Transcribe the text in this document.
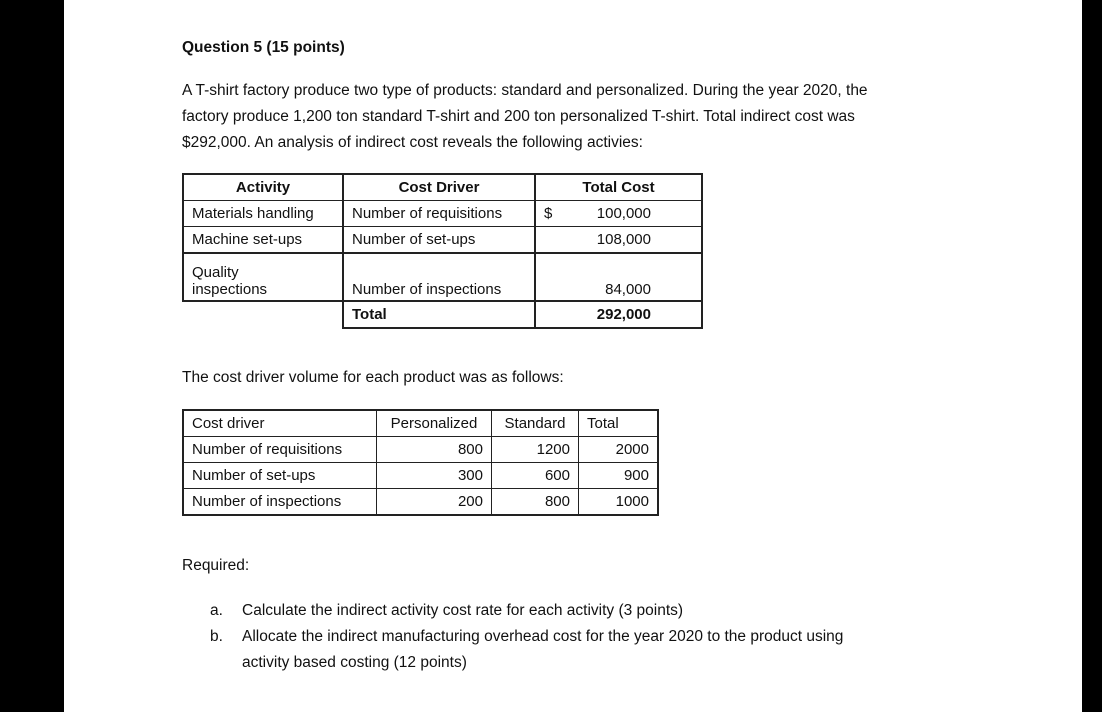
Question 5 (15 points)
A T-shirt factory produce two type of products: standard and personalized. During the year 2020, the
factory produce 1,200 ton standard T-shirt and 200 ton personalized T-shirt. Total indirect cost was
$292,000. An analysis of indirect cost reveals the following activies:
Activity	Cost Driver	Total Cost
Materials handling	Number of requisitions	$ 100,000

Machine set-ups	Number of set-ups	108,000

Quality
inspections	Number of inspections	84,000
	Total	292,000
The cost driver volume for each product was as follows:
Cost driver	Personalized	Standard	Total
Number of requisitions	800	1200	2000
Number of set-ups	300	600	900
Number of inspections	200	800	1000
Required:
a. Calculate the indirect activity cost rate for each activity (3 points)
b. Allocate the indirect manufacturing overhead cost for the year 2020 to the product using
activity based costing (12 points)
